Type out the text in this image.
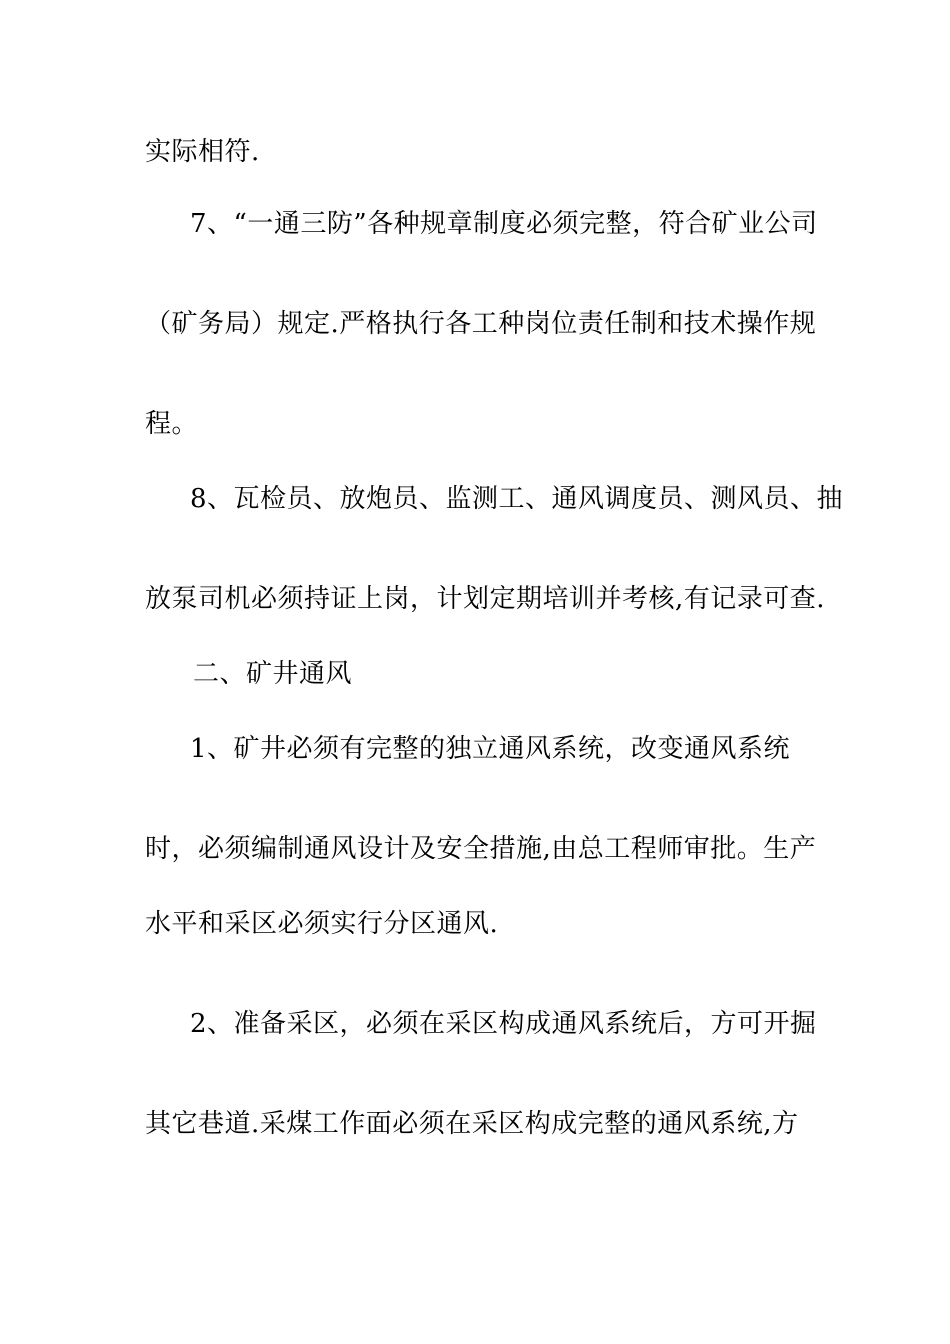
实际相符.

7、“一通三防”各种规章制度必须完整，符合矿业公司

（矿务局）规定.严格执行各工种岗位责任制和技术操作规

程。

8、瓦检员、放炮员、监测工、通风调度员、测风员、抽

放泵司机必须持证上岗，计划定期培训并考核,有记录可查.

二、矿井通风

1、矿井必须有完整的独立通风系统，改变通风系统

时，必须编制通风设计及安全措施,由总工程师审批。生产

水平和采区必须实行分区通风.

2、准备采区，必须在采区构成通风系统后，方可开掘

其它巷道.采煤工作面必须在采区构成完整的通风系统,方
